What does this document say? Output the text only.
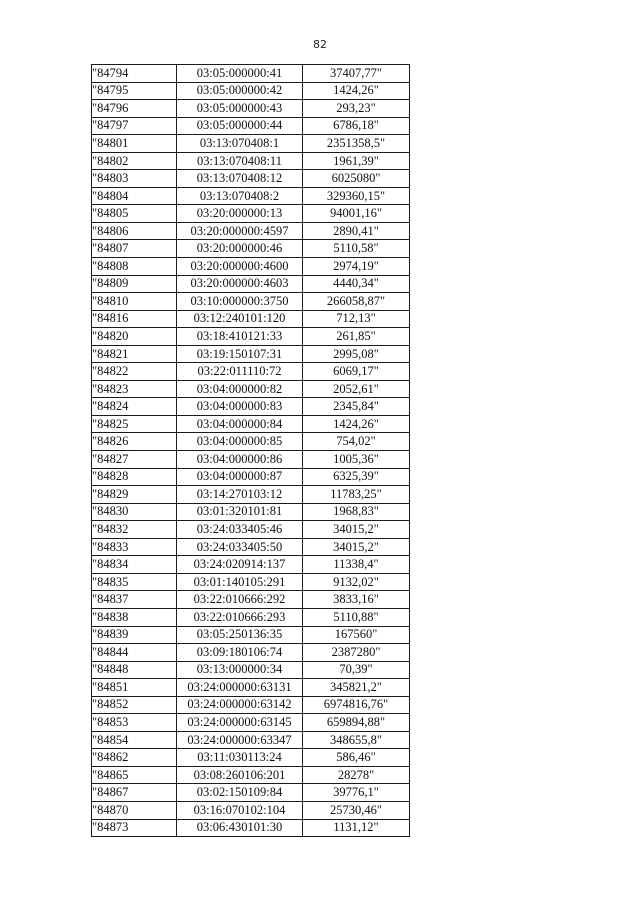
82
"84794	03:05:000000:41	37407,77"
"84795	03:05:000000:42	1424,26"
"84796	03:05:000000:43	293,23"
"84797	03:05:000000:44	6786,18"
"84801	03:13:070408:1	2351358,5"
"84802	03:13:070408:11	1961,39"
"84803	03:13:070408:12	6025080"
"84804	03:13:070408:2	329360,15"
"84805	03:20:000000:13	94001,16"
"84806	03:20:000000:4597	2890,41"
"84807	03:20:000000:46	5110,58"
"84808	03:20:000000:4600	2974,19"
"84809	03:20:000000:4603	4440,34"
"84810	03:10:000000:3750	266058,87"
"84816	03:12:240101:120	712,13"
"84820	03:18:410121:33	261,85"
"84821	03:19:150107:31	2995,08"
"84822	03:22:011110:72	6069,17"
"84823	03:04:000000:82	2052,61"
"84824	03:04:000000:83	2345,84"
"84825	03:04:000000:84	1424,26"
"84826	03:04:000000:85	754,02"
"84827	03:04:000000:86	1005,36"
"84828	03:04:000000:87	6325,39"
"84829	03:14:270103:12	11783,25"
"84830	03:01:320101:81	1968,83"
"84832	03:24:033405:46	34015,2"
"84833	03:24:033405:50	34015,2"
"84834	03:24:020914:137	11338,4"
"84835	03:01:140105:291	9132,02"
"84837	03:22:010666:292	3833,16"
"84838	03:22:010666:293	5110,88"
"84839	03:05:250136:35	167560"
"84844	03:09:180106:74	2387280"
"84848	03:13:000000:34	70,39"
"84851	03:24:000000:63131	345821,2"
"84852	03:24:000000:63142	6974816,76"
"84853	03:24:000000:63145	659894,88"
"84854	03:24:000000:63347	348655,8"
"84862	03:11:030113:24	586,46"
"84865	03:08:260106:201	28278"
"84867	03:02:150109:84	39776,1"
"84870	03:16:070102:104	25730,46"
"84873	03:06:430101:30	1131,12"
